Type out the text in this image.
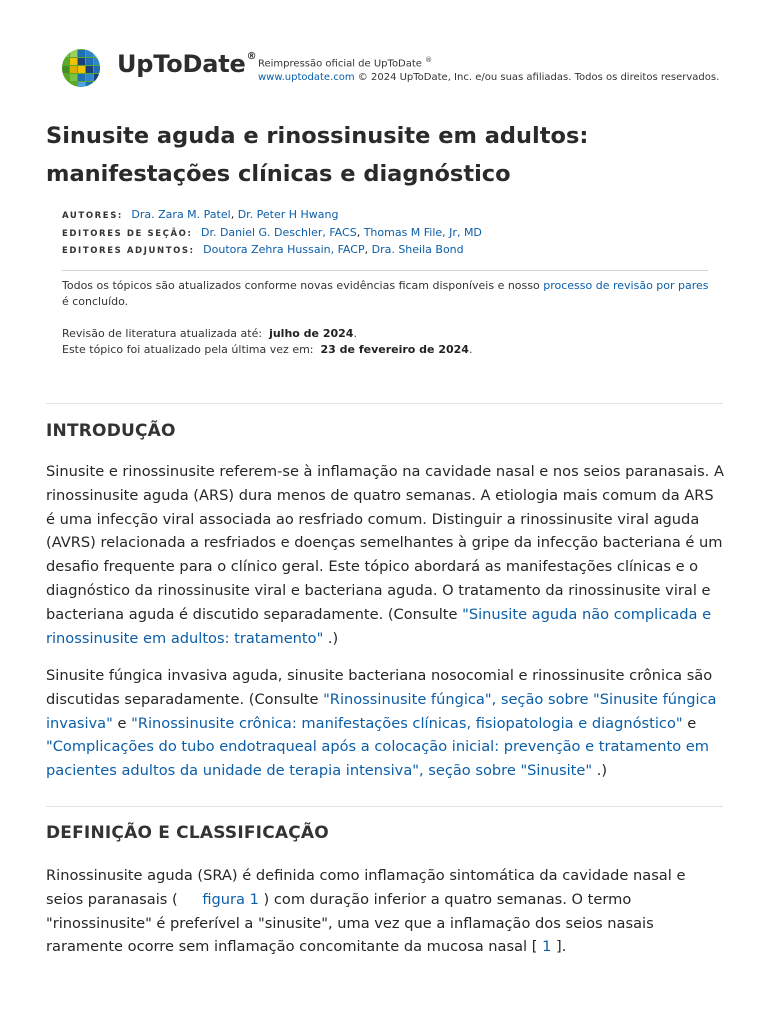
UpToDate®
Reimpressão oficial de UpToDate ®
www.uptodate.com © 2024 UpToDate, Inc. e/ou suas afiliadas. Todos os direitos reservados.
Sinusite aguda e rinossinusite em adultos: manifestações clínicas e diagnóstico
AUTORES: Dra. Zara M. Patel, Dr. Peter H Hwang
EDITORES DE SEÇÃO: Dr. Daniel G. Deschler, FACS, Thomas M File, Jr, MD
EDITORES ADJUNTOS: Doutora Zehra Hussain, FACP, Dra. Sheila Bond

Todos os tópicos são atualizados conforme novas evidências ficam disponíveis e nosso processo de revisão por pares é concluído.

Revisão de literatura atualizada até: julho de 2024.

Este tópico foi atualizado pela última vez em: 23 de fevereiro de 2024.

INTRODUÇÃO

Sinusite e rinossinusite referem-se à inflamação na cavidade nasal e nos seios paranasais. A rinossinusite aguda (ARS) dura menos de quatro semanas. A etiologia mais comum da ARS é uma infecção viral associada ao resfriado comum. Distinguir a rinossinusite viral aguda (AVRS) relacionada a resfriados e doenças semelhantes à gripe da infecção bacteriana é um desafio frequente para o clínico geral. Este tópico abordará as manifestações clínicas e o diagnóstico da rinossinusite viral e bacteriana aguda. O tratamento da rinossinusite viral e bacteriana aguda é discutido separadamente. (Consulte "Sinusite aguda não complicada e rinossinusite em adultos: tratamento" .)

Sinusite fúngica invasiva aguda, sinusite bacteriana nosocomial e rinossinusite crônica são discutidas separadamente. (Consulte "Rinossinusite fúngica", seção sobre "Sinusite fúngica invasiva" e "Rinossinusite crônica: manifestações clínicas, fisiopatologia e diagnóstico" e "Complicações do tubo endotraqueal após a colocação inicial: prevenção e tratamento em pacientes adultos da unidade de terapia intensiva", seção sobre "Sinusite" .)

DEFINIÇÃO E CLASSIFICAÇÃO

Rinossinusite aguda (SRA) é definida como inflamação sintomática da cavidade nasal e seios paranasais ( figura 1 ) com duração inferior a quatro semanas. O termo "rinossinusite" é preferível a "sinusite", uma vez que a inflamação dos seios nasais raramente ocorre sem inflamação concomitante da mucosa nasal [ 1 ].
